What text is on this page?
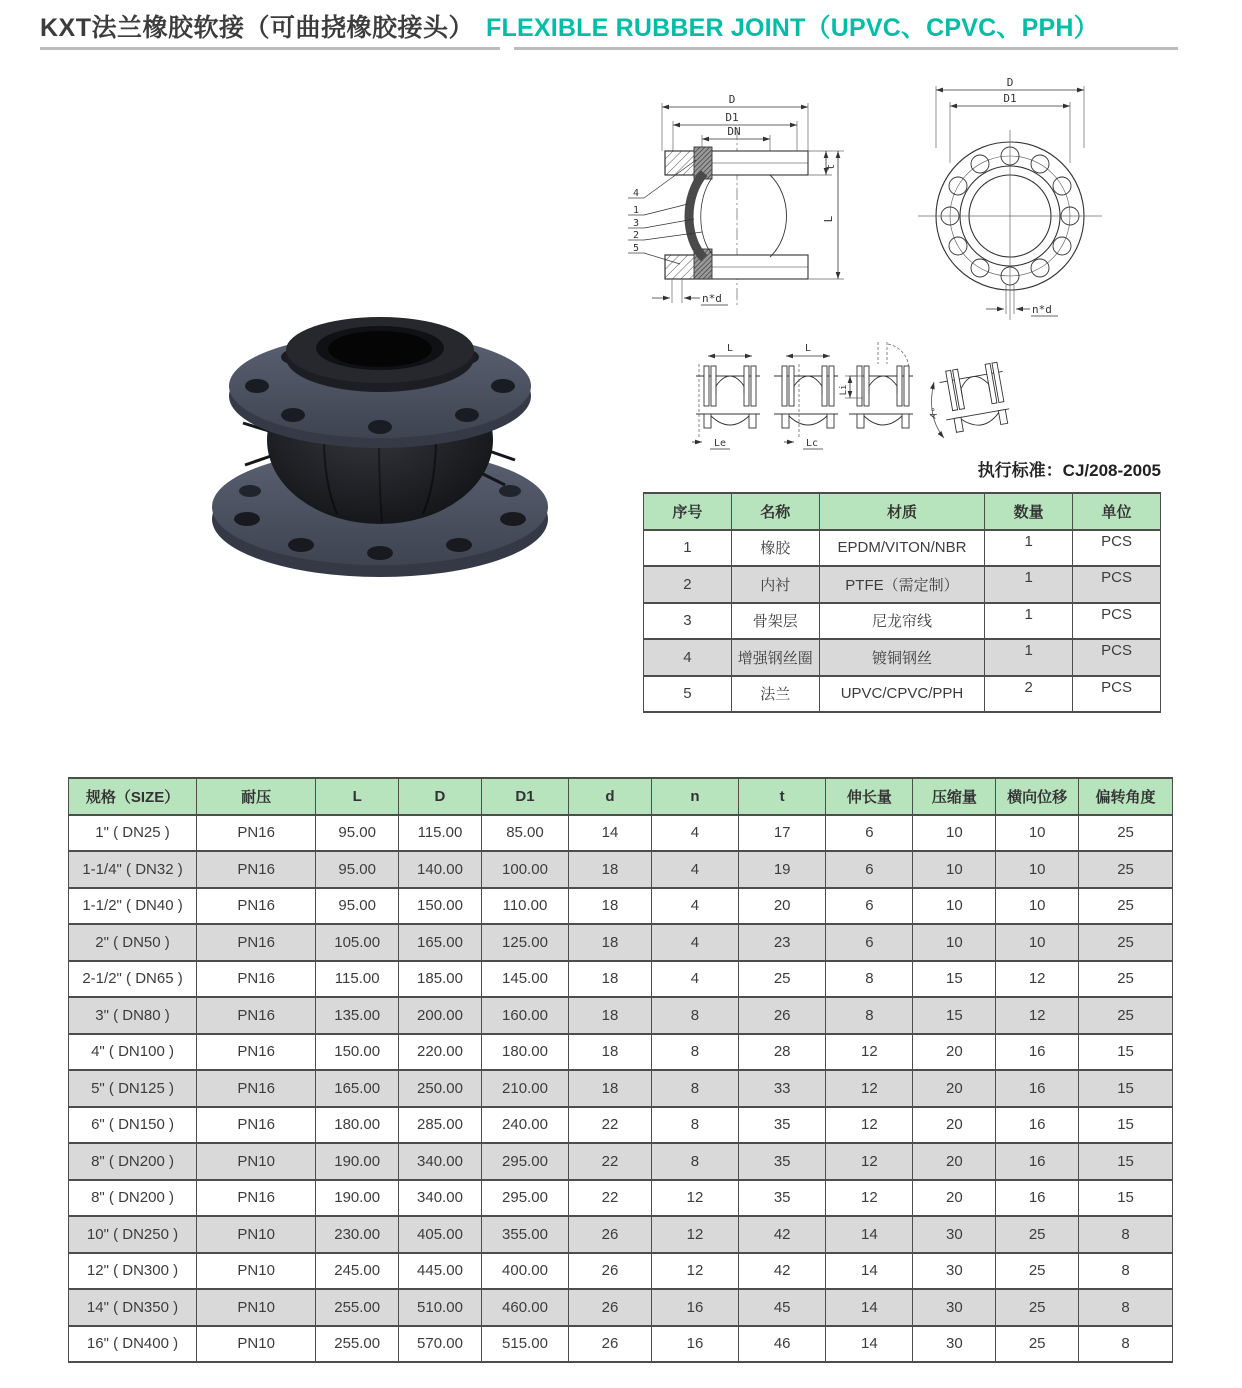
KXT法兰橡胶软接（可曲挠橡胶接头） FLEXIBLE RUBBER JOINT（UPVC、CPVC、PPH）
D
D1
DN
t
L
n*d
4
1
3
2
5
D
D1
n*d
L
Le
L
Lc
Li
A°
执行标准：CJ/208-2005
序号	名称	材质	数量	单位
1	橡胶	EPDM/VITON/NBR	1	PCS
2	内衬	PTFE（需定制）	1	PCS
3	骨架层	尼龙帘线	1	PCS
4	增强钢丝圈	镀铜钢丝	1	PCS
5	法兰	UPVC/CPVC/PPH	2	PCS
规格（SIZE）	耐压	L	D	D1	d	n	t	伸长量	压缩量	横向位移	偏转角度
1" ( DN25 )	PN16	95.00	115.00	85.00	14	4	17	6	10	10	25
1-1/4" ( DN32 )	PN16	95.00	140.00	100.00	18	4	19	6	10	10	25
1-1/2" ( DN40 )	PN16	95.00	150.00	110.00	18	4	20	6	10	10	25
2" ( DN50 )	PN16	105.00	165.00	125.00	18	4	23	6	10	10	25
2-1/2" ( DN65 )	PN16	115.00	185.00	145.00	18	4	25	8	15	12	25
3" ( DN80 )	PN16	135.00	200.00	160.00	18	8	26	8	15	12	25
4" ( DN100 )	PN16	150.00	220.00	180.00	18	8	28	12	20	16	15
5" ( DN125 )	PN16	165.00	250.00	210.00	18	8	33	12	20	16	15
6" ( DN150 )	PN16	180.00	285.00	240.00	22	8	35	12	20	16	15
8" ( DN200 )	PN10	190.00	340.00	295.00	22	8	35	12	20	16	15
8" ( DN200 )	PN16	190.00	340.00	295.00	22	12	35	12	20	16	15
10" ( DN250 )	PN10	230.00	405.00	355.00	26	12	42	14	30	25	8
12" ( DN300 )	PN10	245.00	445.00	400.00	26	12	42	14	30	25	8
14" ( DN350 )	PN10	255.00	510.00	460.00	26	16	45	14	30	25	8
16" ( DN400 )	PN10	255.00	570.00	515.00	26	16	46	14	30	25	8
